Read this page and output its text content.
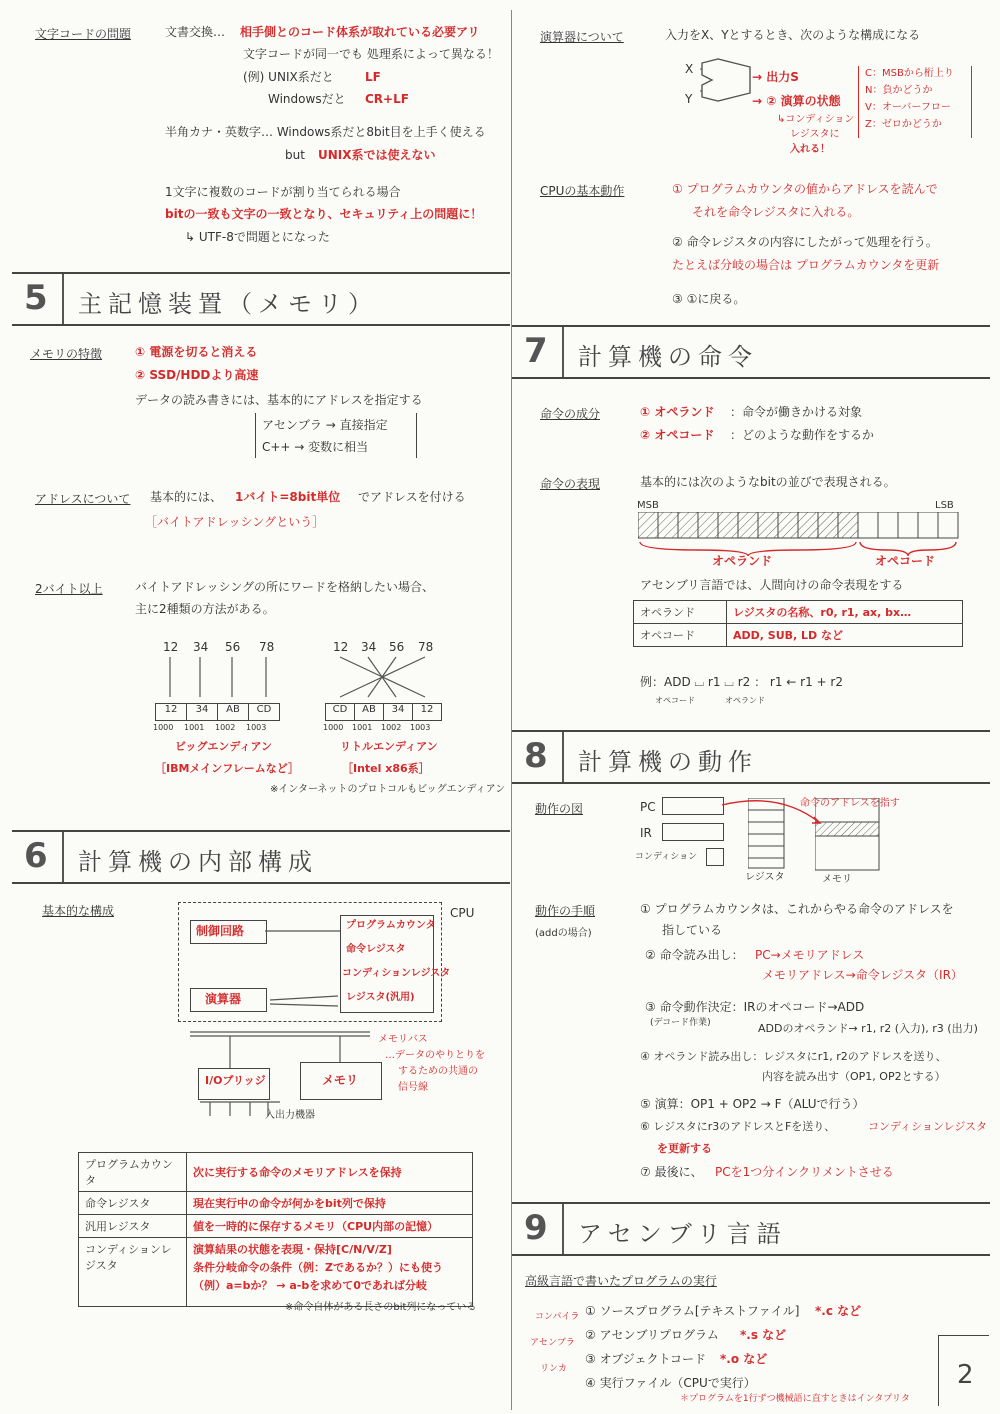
文字コードの問題	文書交換… 相手側とのコード体系が取れている必要アリ
文字コードが同一でも 処理系によって異なる！
(例) UNIX系だと	LF
Windowsだと CR+LF
半角カナ・英数字… Windows系だと8bit目を上手く使える
but UNIX系では使えない
1文字に複数のコードが割り当てられる場合
bitの一致も文字の一致となり、セキュリティ上の問題に！
↳ UTF-8で問題とになった
5 主記憶装置（メモリ）
メモリの特徴	① 電源を切ると消える
② SSD/HDDより高速
データの読み書きには、基本的にアドレスを指定する
アセンブラ → 直接指定
C++ → 変数に相当
アドレスについて 基本的には、 1バイト=8bit単位 でアドレスを付ける
［バイトアドレッシングという］
2バイト以上	バイトアドレッシングの所にワードを格納したい場合、
主に2種類の方法がある。
12 34 56 78	12 34 56 78
12	34	AB	CD	CD	AB	34	12
1000 1001 1002 1003	1000 1001 1002 1003
ビッグエンディアン
［IBMメインフレームなど］
リトルエンディアン
［Intel x86系］
※インターネットのプロトコルもビッグエンディアン
6 計算機の内部構成
基本的な構成	CPU
制御回路
演算器
プログラムカウンタ
命令レジスタ
コンディションレジスタ
レジスタ(汎用)
I/Oブリッジ	メモリ
入出力機器
メモリバス
…データのやりとりを
するための共通の
信号線
プログラムカウンタ	次に実行する命令のメモリアドレスを保持
命令レジスタ	現在実行中の命令が何かをbit列で保持
汎用レジスタ	値を一時的に保存するメモリ（CPU内部の記憶）
コンディションレジスタ	演算結果の状態を表現・保持[C/N/V/Z]
条件分岐命令の条件（例：Zであるか？）にも使う
（例）a=bか？ → a-bを求めて0であれば分岐
※命令自体がある長さのbit列になっている
演算器について	入力をX、Yとするとき、次のような構成になる
X
Y
→ 出力S
→ ② 演算の状態
↳コンディション
レジスタに
入れる！
C：MSBから桁上り
N：負かどうか
V：オーバーフロー
Z：ゼロかどうか
CPUの基本動作	① プログラムカウンタの値からアドレスを読んで
それを命令レジスタに入れる。
② 命令レジスタの内容にしたがって処理を行う。
たとえば分岐の場合は プログラムカウンタを更新
③ ①に戻る。
7 計算機の命令
命令の成分	① オペランド ：命令が働きかける対象
② オペコード ：どのような動作をするか
命令の表現	基本的には次のようなbitの並びで表現される。
MSB	LSB
オペランド	オペコード
アセンブリ言語では、人間向けの命令表現をする
オペランド	レジスタの名称、r0, r1, ax, bx…
オペコード	ADD, SUB, LD など
例：ADD ⌴ r1 ⌴ r2 ： r1 ← r1 + r2
オペコード	オペランド
8 計算機の動作
動作の図	PC
IR
コンディション
レジスタ	メモリ
命令のアドレスを指す
動作の手順
(addの場合)
① プログラムカウンタは、これからやる命令のアドレスを
指している
② 命令読み出し： PC→メモリアドレス
メモリアドレス→命令レジスタ（IR）
③ 命令動作決定：IRのオペコード→ADD
(デコード作業)	ADDのオペランド→ r1, r2 (入力), r3 (出力)
④ オペランド読み出し：レジスタにr1, r2のアドレスを送り、
内容を読み出す（OP1, OP2とする）
⑤ 演算：OP1 + OP2 → F（ALUで行う）
⑥ レジスタにr3のアドレスとFを送り、	コンディションレジスタ
を更新する
⑦ 最後に、 PCを1つ分インクリメントさせる
9 アセンブリ言語
高級言語で書いたプログラムの実行
コンパイラ
アセンブラ
リンカ
① ソースプログラム[テキストファイル] *.c など
② アセンブリプログラム *.s など
③ オブジェクトコード *.o など
④ 実行ファイル（CPUで実行）
＊プログラムを1行ずつ機械語に直すときはインタプリタ
2
